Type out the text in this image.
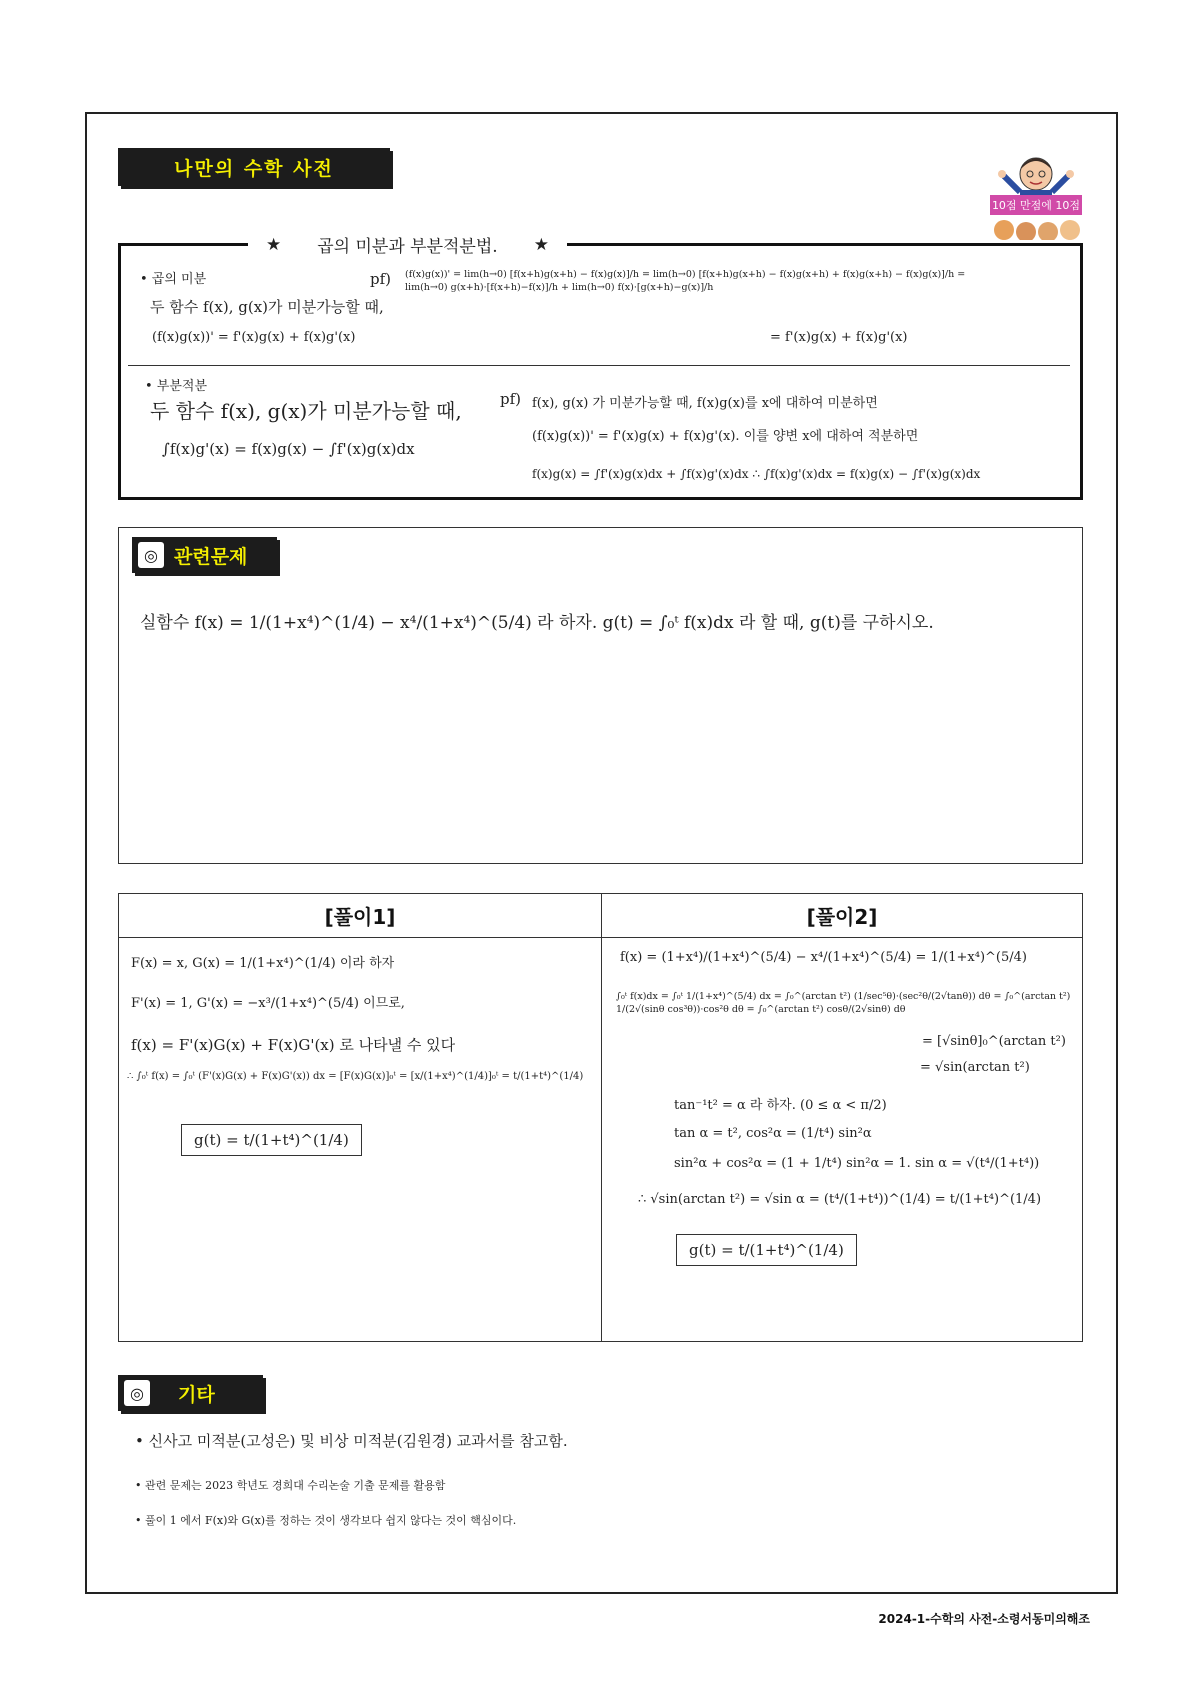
나만의 수학 사전
10점 만점에 10점
★ 곱의 미분과 부분적분법. ★
• 곱의 미분
두 함수 f(x), g(x)가 미분가능할 때,
(f(x)g(x))' = f'(x)g(x) + f(x)g'(x)
pf) (f(x)g(x))' = lim(h→0) [f(x+h)g(x+h) − f(x)g(x)]/h = lim(h→0) [f(x+h)g(x+h) − f(x)g(x+h) + f(x)g(x+h) − f(x)g(x)]/h = lim(h→0) g(x+h)·[f(x+h)−f(x)]/h + lim(h→0) f(x)·[g(x+h)−g(x)]/h
= f'(x)g(x) + f(x)g'(x)
• 부분적분
두 함수 f(x), g(x)가 미분가능할 때,
∫f(x)g'(x) = f(x)g(x) − ∫f'(x)g(x)dx
pf) f(x), g(x) 가 미분가능할 때, f(x)g(x)를 x에 대하여 미분하면
(f(x)g(x))' = f'(x)g(x) + f(x)g'(x). 이를 양변 x에 대하여 적분하면
f(x)g(x) = ∫f'(x)g(x)dx + ∫f(x)g'(x)dx ∴ ∫f(x)g'(x)dx = f(x)g(x) − ∫f'(x)g(x)dx
◎ 관련문제
실함수 f(x) = 1/(1+x⁴)^(1/4) − x⁴/(1+x⁴)^(5/4) 라 하자. g(t) = ∫₀ᵗ f(x)dx 라 할 때, g(t)를 구하시오.
[풀이1]
F(x) = x, G(x) = 1/(1+x⁴)^(1/4) 이라 하자
F'(x) = 1, G'(x) = −x³/(1+x⁴)^(5/4) 이므로,
f(x) = F'(x)G(x) + F(x)G'(x) 로 나타낼 수 있다
∴ ∫₀ᵗ f(x) = ∫₀ᵗ (F'(x)G(x) + F(x)G'(x)) dx = [F(x)G(x)]₀ᵗ = [x/(1+x⁴)^(1/4)]₀ᵗ = t/(1+t⁴)^(1/4)
g(t) = t/(1+t⁴)^(1/4)
[풀이2]
f(x) = (1+x⁴)/(1+x⁴)^(5/4) − x⁴/(1+x⁴)^(5/4) = 1/(1+x⁴)^(5/4)
∫₀ᵗ f(x)dx = ∫₀ᵗ 1/(1+x⁴)^(5/4) dx = ∫₀^(arctan t²) (1/sec⁵θ)·(sec²θ/(2√tanθ)) dθ = ∫₀^(arctan t²) 1/(2√(sinθ cos³θ))·cos²θ dθ = ∫₀^(arctan t²) cosθ/(2√sinθ) dθ
= [√sinθ]₀^(arctan t²)
= √sin(arctan t²)
tan⁻¹t² = α 라 하자. (0 ≤ α < π/2)
tan α = t², cos²α = (1/t⁴) sin²α
sin²α + cos²α = (1 + 1/t⁴) sin²α = 1. sin α = √(t⁴/(1+t⁴))
∴ √sin(arctan t²) = √sin α = (t⁴/(1+t⁴))^(1/4) = t/(1+t⁴)^(1/4)
g(t) = t/(1+t⁴)^(1/4)
◎	기타
• 신사고 미적분(고성은) 및 비상 미적분(김원경) 교과서를 참고함.
• 관련 문제는 2023 학년도 경희대 수리논술 기출 문제를 활용함
• 풀이 1 에서 F(x)와 G(x)를 정하는 것이 생각보다 쉽지 않다는 것이 핵심이다.
2024-1-수학의 사전-소령서동미의해조
